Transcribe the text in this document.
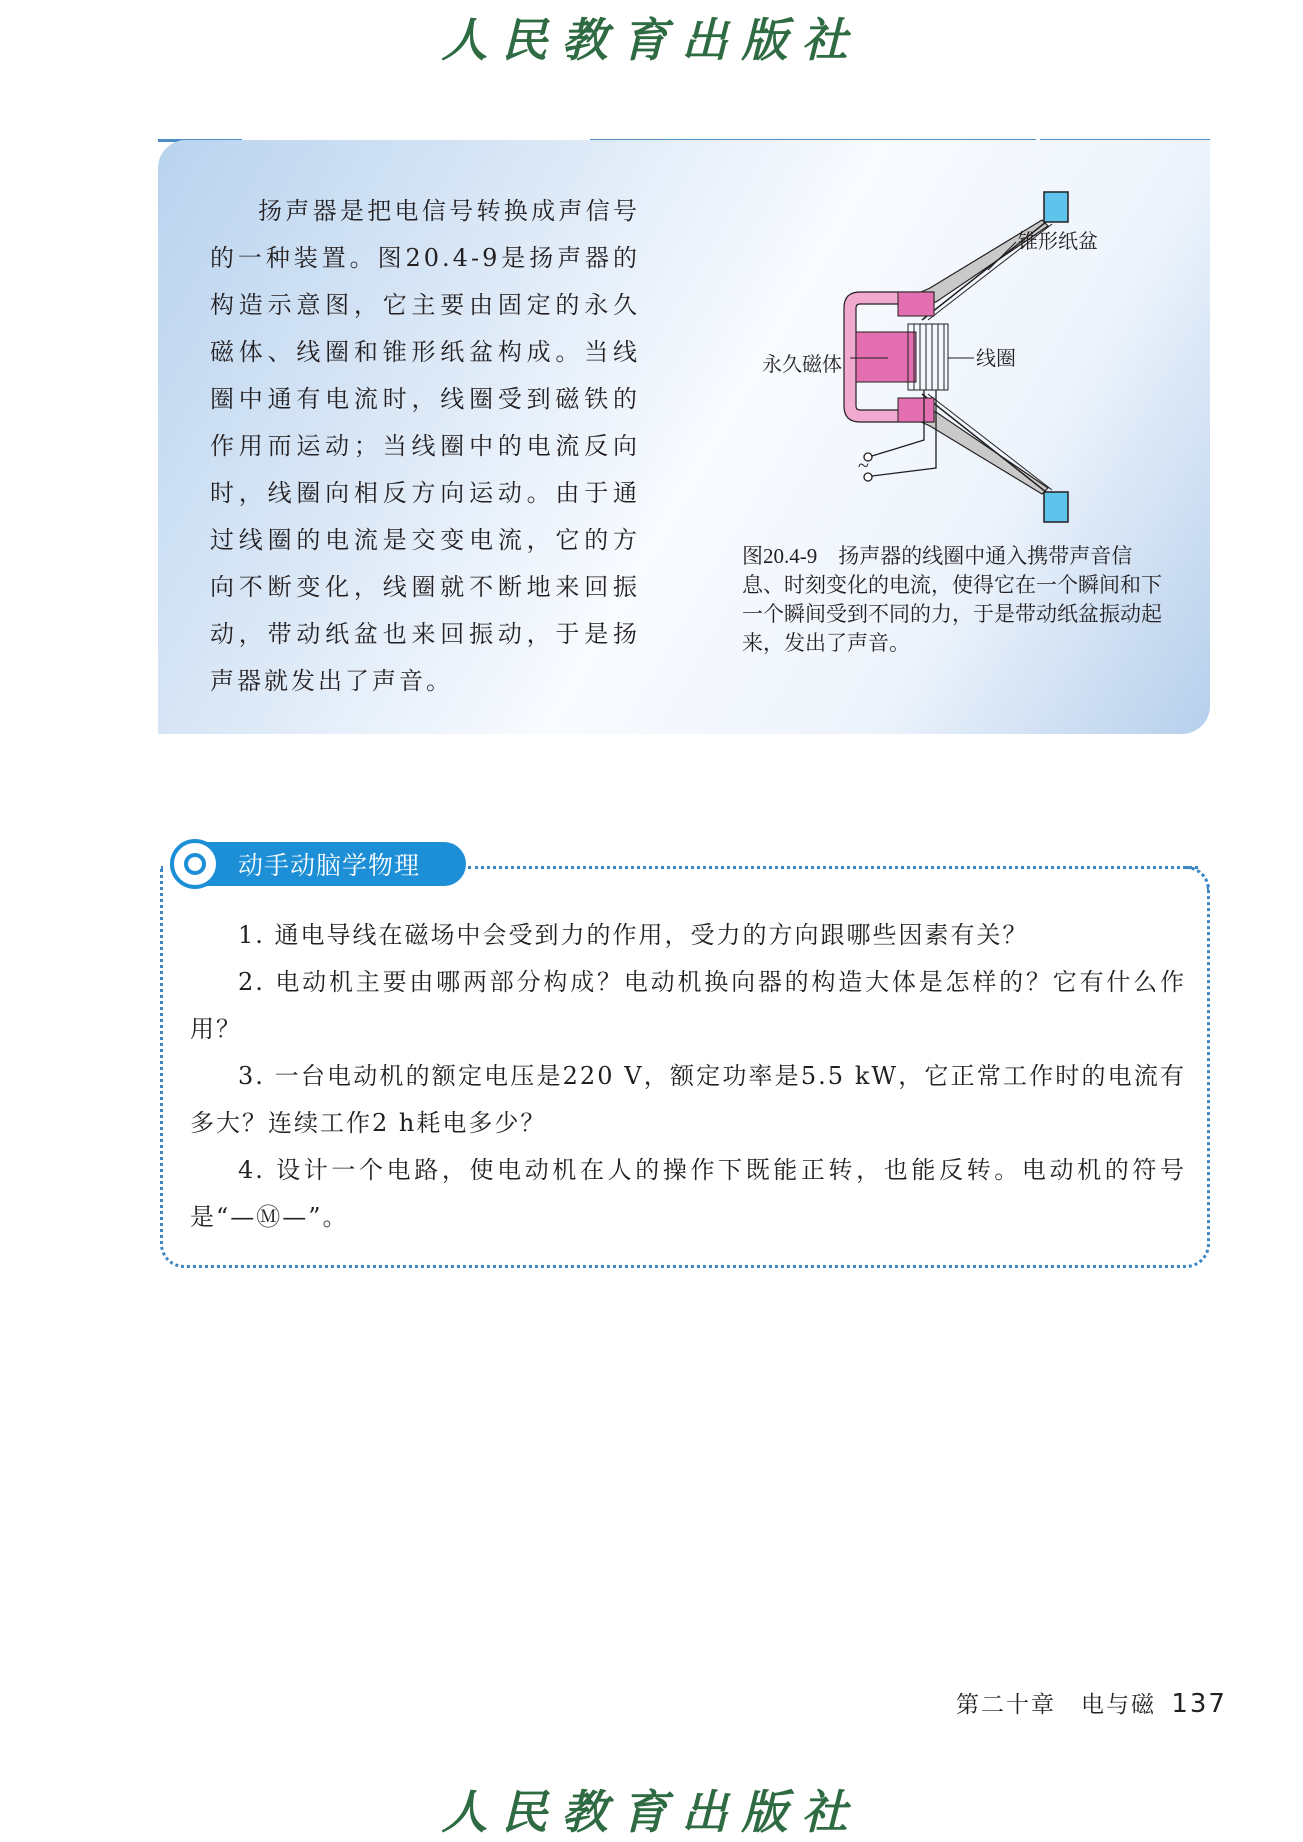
人民教育出版社

扬声器是把电信号转换成声信号的一种装置。图20.4-9是扬声器的构造示意图，它主要由固定的永久磁体、线圈和锥形纸盆构成。当线圈中通有电流时，线圈受到磁铁的作用而运动；当线圈中的电流反向时，线圈向相反方向运动。由于通过线圈的电流是交变电流，它的方向不断变化，线圈就不断地来回振动，带动纸盆也来回振动，于是扬声器就发出了声音。

~
锥形纸盆
线圈
永久磁体

图20.4-9　扬声器的线圈中通入携带声音信息、时刻变化的电流，使得它在一个瞬间和下一个瞬间受到不同的力，于是带动纸盆振动起来，发出了声音。

动手动脑学物理
1. 通电导线在磁场中会受到力的作用，受力的方向跟哪些因素有关？
2. 电动机主要由哪两部分构成？电动机换向器的构造大体是怎样的？它有什么作用？
3. 一台电动机的额定电压是220 V，额定功率是5.5 kW，它正常工作时的电流有多大？连续工作2 h耗电多少？
4. 设计一个电路，使电动机在人的操作下既能正转，也能反转。电动机的符号是“—Ⓜ—”。
第二十章　电与磁 137
人民教育出版社
